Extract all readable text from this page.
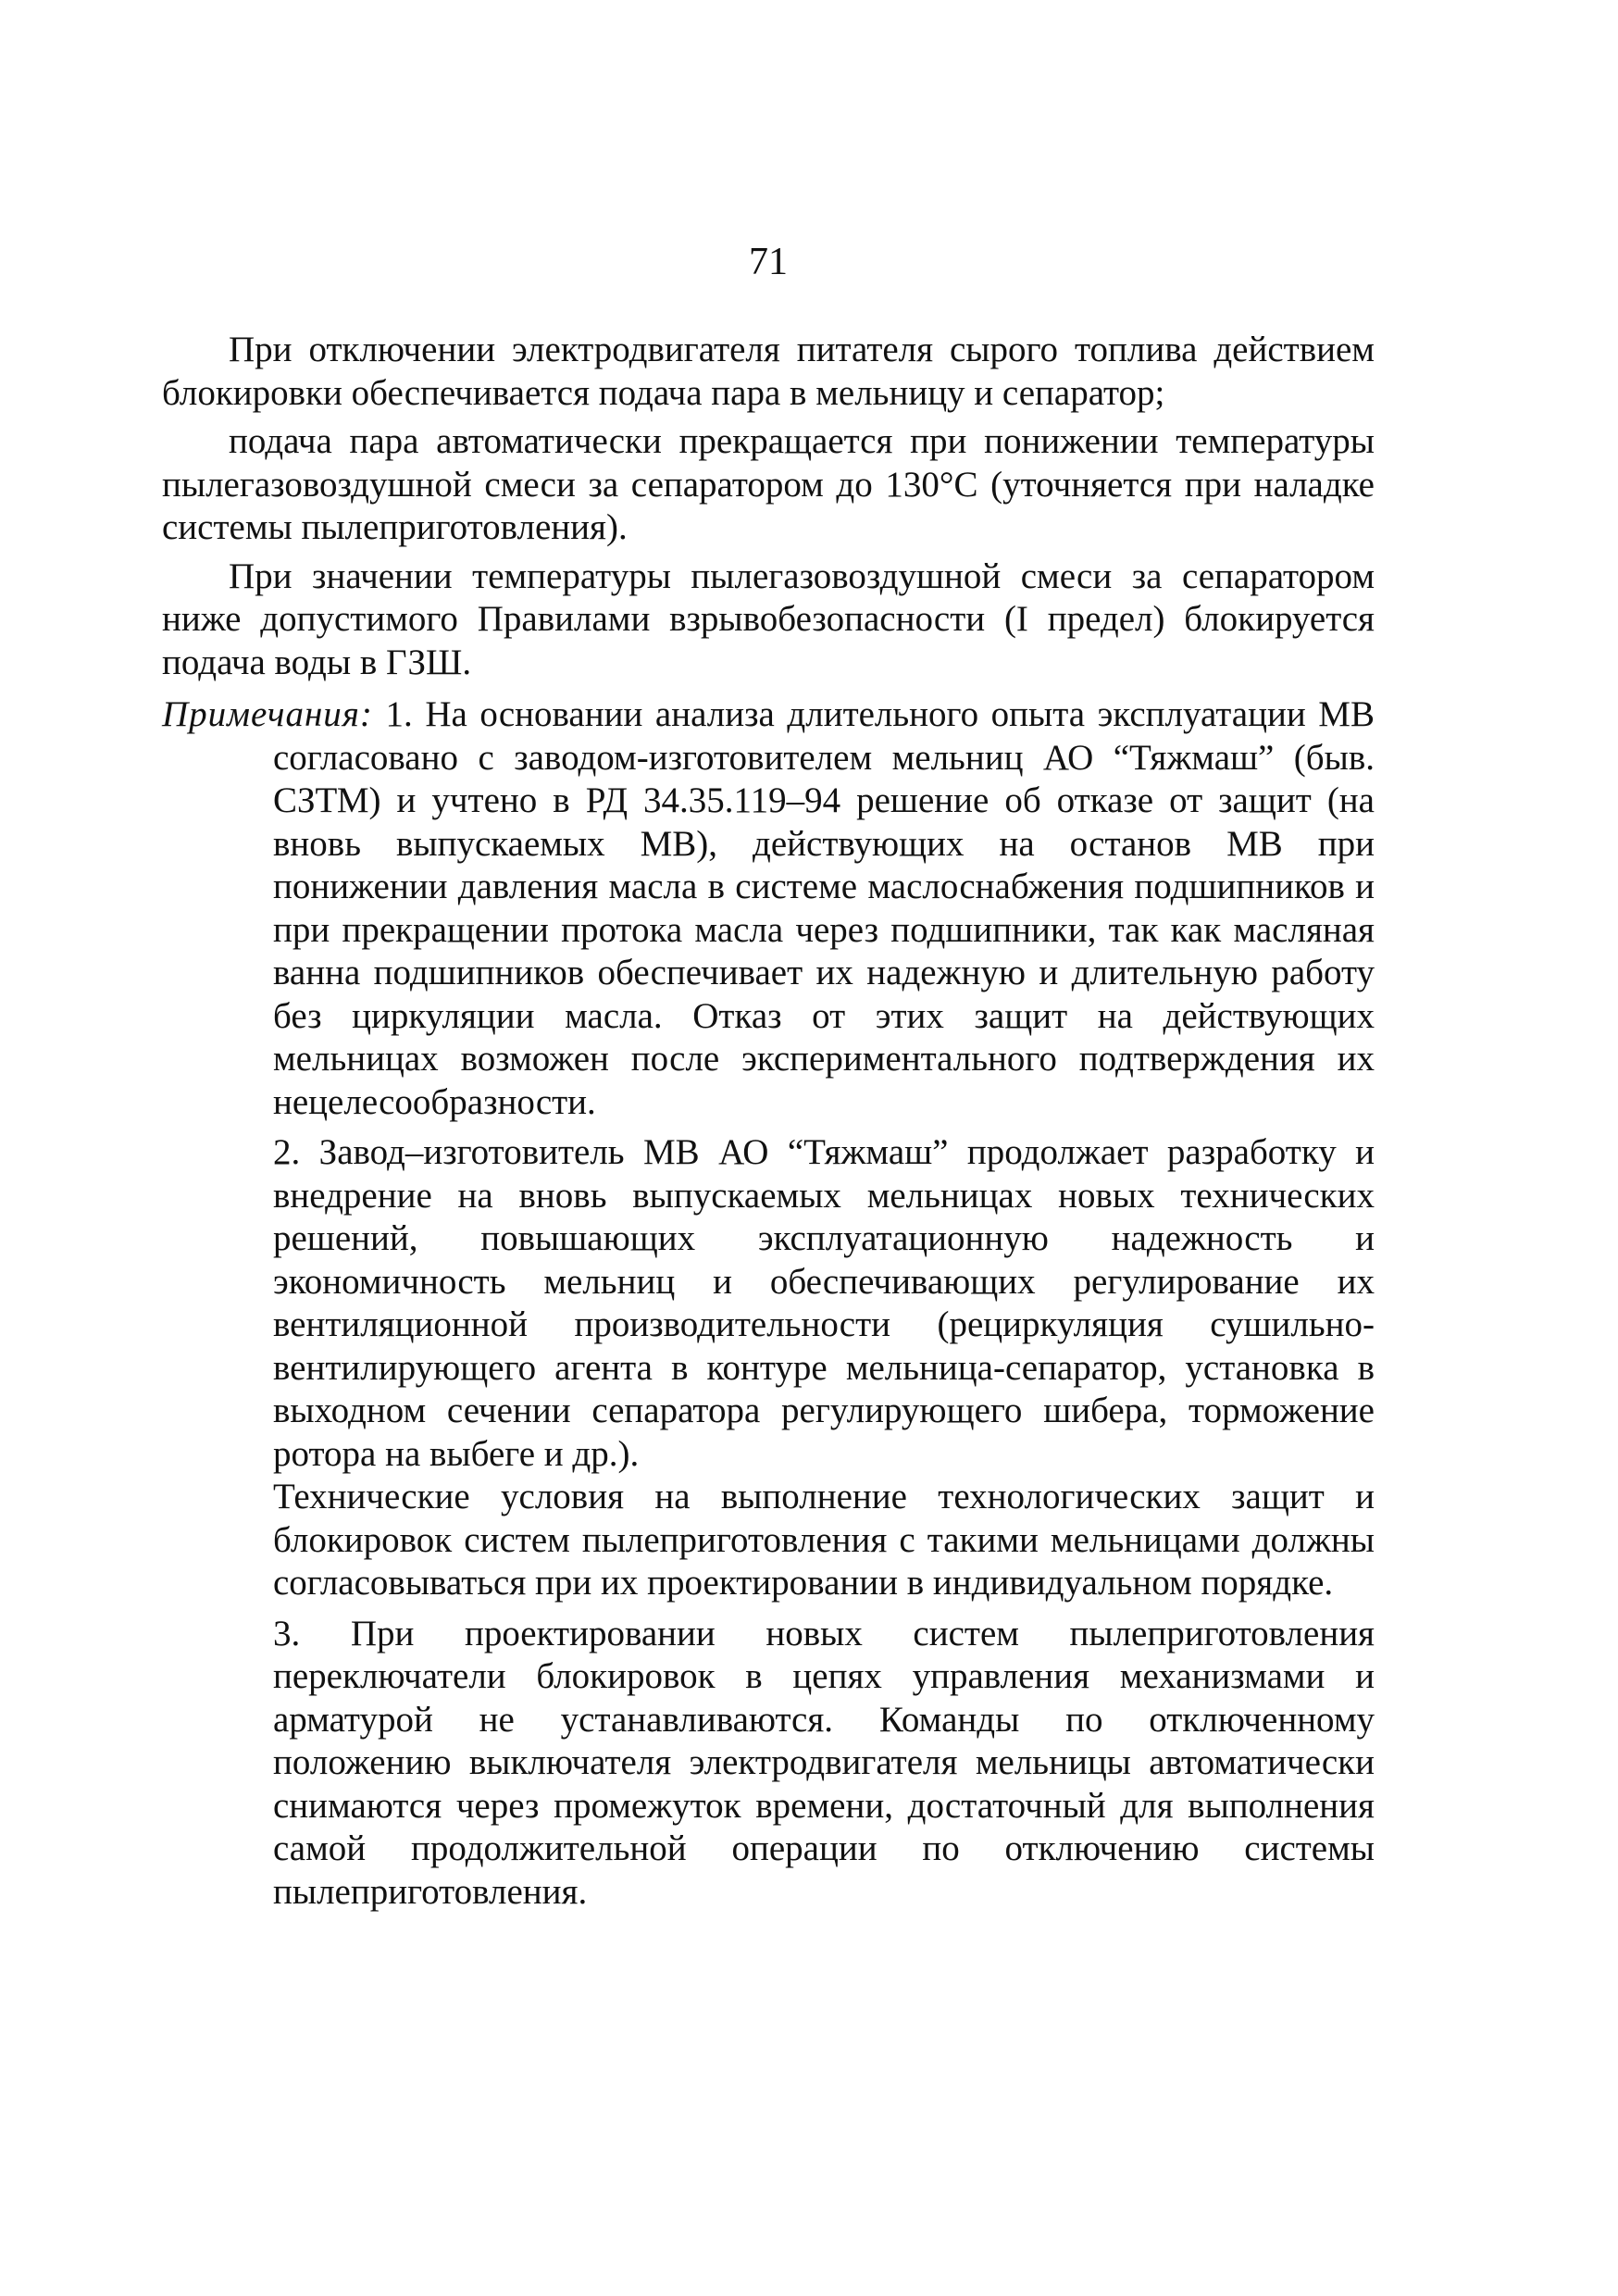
71

При отключении электродвигателя питателя сырого топлива действием блокировки обеспечивается подача пара в мельницу и сепаратор;

подача пара автоматически прекращается при понижении температуры пылегазовоздушной смеси за сепаратором до 130°C (уточняется при наладке системы пылеприготовления).

При значении температуры пылегазовоздушной смеси за сепаратором ниже допустимого Правилами взрывобезопасности (I предел) блокируется подача воды в ГЗШ.

Примечания: 1. На основании анализа длительного опыта эксплуатации МВ согласовано с заводом-изготовителем мельниц АО “Тяжмаш” (быв. СЗТМ) и учтено в РД 34.35.119–94 решение об отказе от защит (на вновь выпускаемых МВ), действующих на останов МВ при понижении давления масла в системе маслоснабжения подшипников и при прекращении протока масла через подшипники, так как масляная ванна подшипников обеспечивает их надежную и длительную работу без циркуляции масла. Отказ от этих защит на действующих мельницах возможен после экспериментального подтверждения их нецелесообразности.

2. Завод–изготовитель МВ АО “Тяжмаш” продолжает разработку и внедрение на вновь выпускаемых мельницах новых технических решений, повышающих эксплуатационную надежность и экономичность мельниц и обеспечивающих регулирование их вентиляционной производительности (рециркуляция сушильно-вентилирующего агента в контуре мельница-сепаратор, установка в выходном сечении сепаратора регулирующего шибера, торможение ротора на выбеге и др.).

Технические условия на выполнение технологических защит и блокировок систем пылеприготовления с такими мельницами должны согласовываться при их проектировании в индивидуальном порядке.

3. При проектировании новых систем пылеприготовления переключатели блокировок в цепях управления механизмами и арматурой не устанавливаются. Команды по отключенному положению выключателя электродвигателя мельницы автоматически снимаются через промежуток времени, достаточный для выполнения самой продолжительной операции по отключению системы пылеприготовления.
